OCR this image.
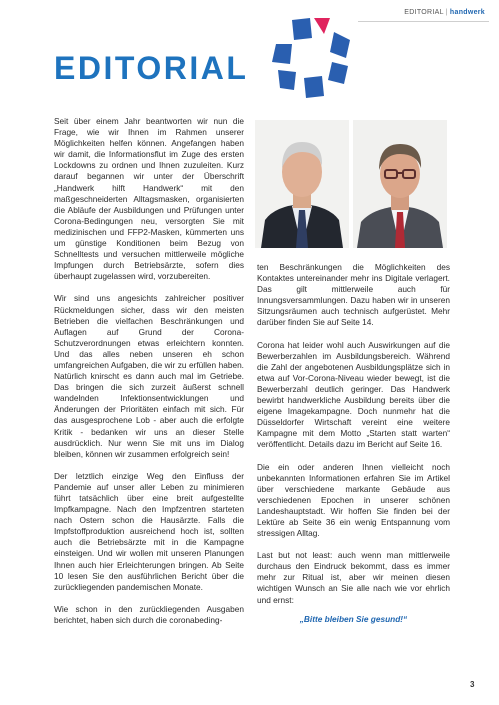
EDITORIAL | handwerk
EDITORIAL

Seit über einem Jahr beantworten wir nun die Frage, wie wir Ihnen im Rahmen unserer Möglichkeiten helfen können. Angefangen haben wir damit, die Informationsflut im Zuge des ersten Lockdowns zu ordnen und Ihnen zuzuleiten. Kurz darauf begannen wir unter der Überschrift „Handwerk hilft Handwerk“ mit den maßgeschneiderten Alltagsmasken, organisierten die Abläufe der Ausbildungen und Prüfungen unter Corona-Bedingungen neu, versorgten Sie mit medizinischen und FFP2-Masken, kümmerten uns um günstige Konditionen beim Bezug von Schnelltests und versuchen mittlerweile mögliche Impfungen durch Betriebsärzte, sofern dies überhaupt zugelassen wird, vorzubereiten.

Wir sind uns angesichts zahlreicher positiver Rückmeldungen sicher, dass wir den meisten Betrieben die vielfachen Beschränkungen und Auflagen auf Grund der Corona-Schutzverordnungen etwas erleichtern konnten. Und das alles neben unseren eh schon umfangreichen Aufgaben, die wir zu erfüllen haben. Natürlich knirscht es dann auch mal im Getriebe. Das bringen die sich zurzeit äußerst schnell wandelnden Infektionsentwicklungen und Änderungen der Prioritäten einfach mit sich. Für das ausgesprochene Lob - aber auch die erfolgte Kritik - bedanken wir uns an dieser Stelle ausdrücklich. Nur wenn Sie mit uns im Dialog bleiben, können wir zusammen erfolgreich sein!

Der letztlich einzige Weg den Einfluss der Pandemie auf unser aller Leben zu minimieren führt tatsächlich über eine breit aufgestellte Impfkampagne. Nach den Impfzentren starteten nach Ostern schon die Hausärzte. Falls die Impfstoffproduktion ausreichend hoch ist, sollten auch die Betriebsärzte mit in die Kampagne einsteigen. Und wir wollen mit unseren Planungen Ihnen auch hier Erleichterungen bringen. Ab Seite 10 lesen Sie den ausführlichen Bericht über die zurückliegenden pandemischen Monate.

Wie schon in den zurückliegenden Ausgaben berichtet, haben sich durch die coronabeding-

ten Beschränkungen die Möglichkeiten des Kontaktes untereinander mehr ins Digitale verlagert. Das gilt mittlerweile auch für Innungsversammlungen. Dazu haben wir in unseren Sitzungsräumen auch technisch aufgerüstet. Mehr darüber finden Sie auf Seite 14.

Corona hat leider wohl auch Auswirkungen auf die Bewerberzahlen im Ausbildungsbereich. Während die Zahl der angebotenen Ausbildungsplätze sich in etwa auf Vor-Corona-Niveau wieder bewegt, ist die Bewerberzahl deutlich geringer. Das Handwerk bewirbt handwerkliche Ausbildung bereits über die eigene Imagekampagne. Doch nunmehr hat die Düsseldorfer Wirtschaft vereint eine weitere Kampagne mit dem Motto „Starten statt warten“ veröffentlicht. Details dazu im Bericht auf Seite 16.

Die ein oder anderen Ihnen vielleicht noch unbekannten Informationen erfahren Sie im Artikel über verschiedene markante Gebäude aus verschiedenen Epochen in unserer schönen Landeshauptstadt. Wir hoffen Sie finden bei der Lektüre ab Seite 36 ein wenig Entspannung vom stressigen Alltag.

Last but not least: auch wenn man mittlerweile durchaus den Eindruck bekommt, dass es immer mehr zur Ritual ist, aber wir meinen diesen wichtigen Wunsch an Sie alle nach wie vor ehrlich und ernst:

„Bitte bleiben Sie gesund!“

3
